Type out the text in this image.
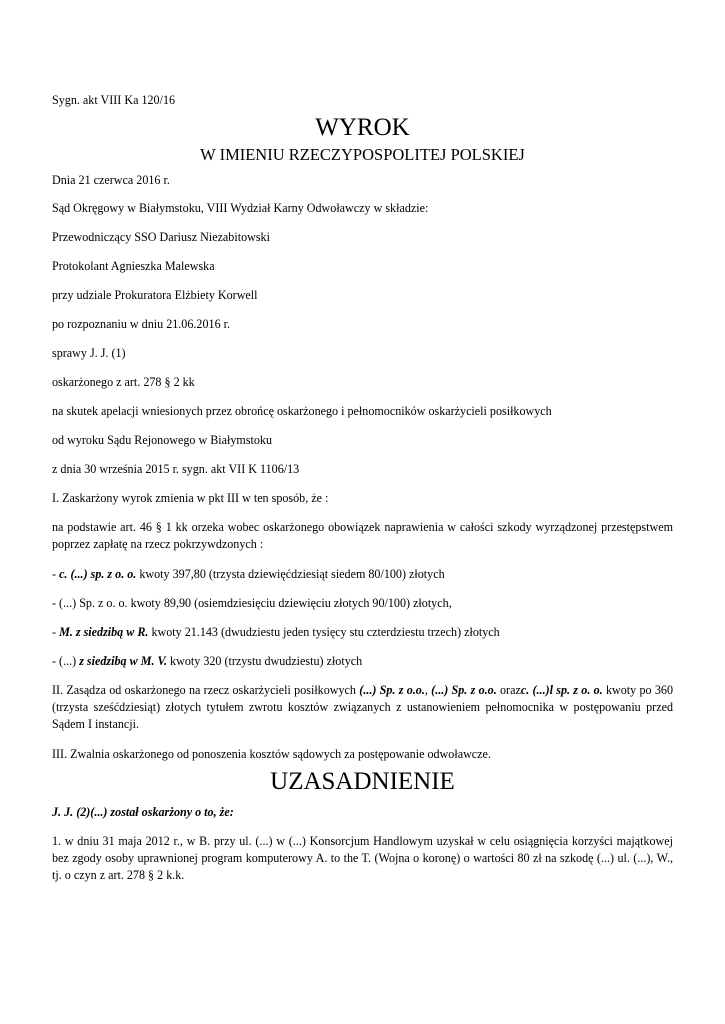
Sygn. akt VIII Ka 120/16

WYROK
W IMIENIU RZECZYPOSPOLITEJ POLSKIEJ

Dnia 21 czerwca 2016 r.

Sąd Okręgowy w Białymstoku, VIII Wydział Karny Odwoławczy w składzie:

Przewodniczący SSO Dariusz Niezabitowski

Protokolant Agnieszka Malewska

przy udziale Prokuratora Elżbiety Korwell

po rozpoznaniu w dniu 21.06.2016 r.

sprawy J. J. (1)

oskarżonego z art. 278 § 2 kk

na skutek apelacji wniesionych przez obrońcę oskarżonego i pełnomocników oskarżycieli posiłkowych

od wyroku Sądu Rejonowego w Białymstoku

z dnia 30 września 2015 r. sygn. akt VII K 1106/13

I. Zaskarżony wyrok zmienia w pkt III w ten sposób, że :

na podstawie art. 46 § 1 kk orzeka wobec oskarżonego obowiązek naprawienia w całości szkody wyrządzonej przestępstwem poprzez zapłatę na rzecz pokrzywdzonych :

- c. (...) sp. z o. o. kwoty 397,80 (trzysta dziewięćdziesiąt siedem 80/100) złotych

- (...) Sp. z o. o. kwoty 89,90 (osiemdziesięciu dziewięciu złotych 90/100) złotych,

- M. z siedzibą w R. kwoty 21.143 (dwudziestu jeden tysięcy stu czterdziestu trzech) złotych

- (...) z siedzibą w M. V. kwoty 320 (trzystu dwudziestu) złotych

II. Zasądza od oskarżonego na rzecz oskarżycieli posiłkowych (...) Sp. z o.o., (...) Sp. z o.o. orazc. (...)l sp. z o. o. kwoty po 360 (trzysta sześćdziesiąt) złotych tytułem zwrotu kosztów związanych z ustanowieniem pełnomocnika w postępowaniu przed Sądem I instancji.

III. Zwalnia oskarżonego od ponoszenia kosztów sądowych za postępowanie odwoławcze.

UZASADNIENIE

J. J. (2)(...) został oskarżony o to, że:

1. w dniu 31 maja 2012 r., w B. przy ul. (...) w (...) Konsorcjum Handlowym uzyskał w celu osiągnięcia korzyści majątkowej bez zgody osoby uprawnionej program komputerowy A. to the T. (Wojna o koronę) o wartości 80 zł na szkodę (...) ul. (...), W., tj. o czyn z art. 278 § 2 k.k.
